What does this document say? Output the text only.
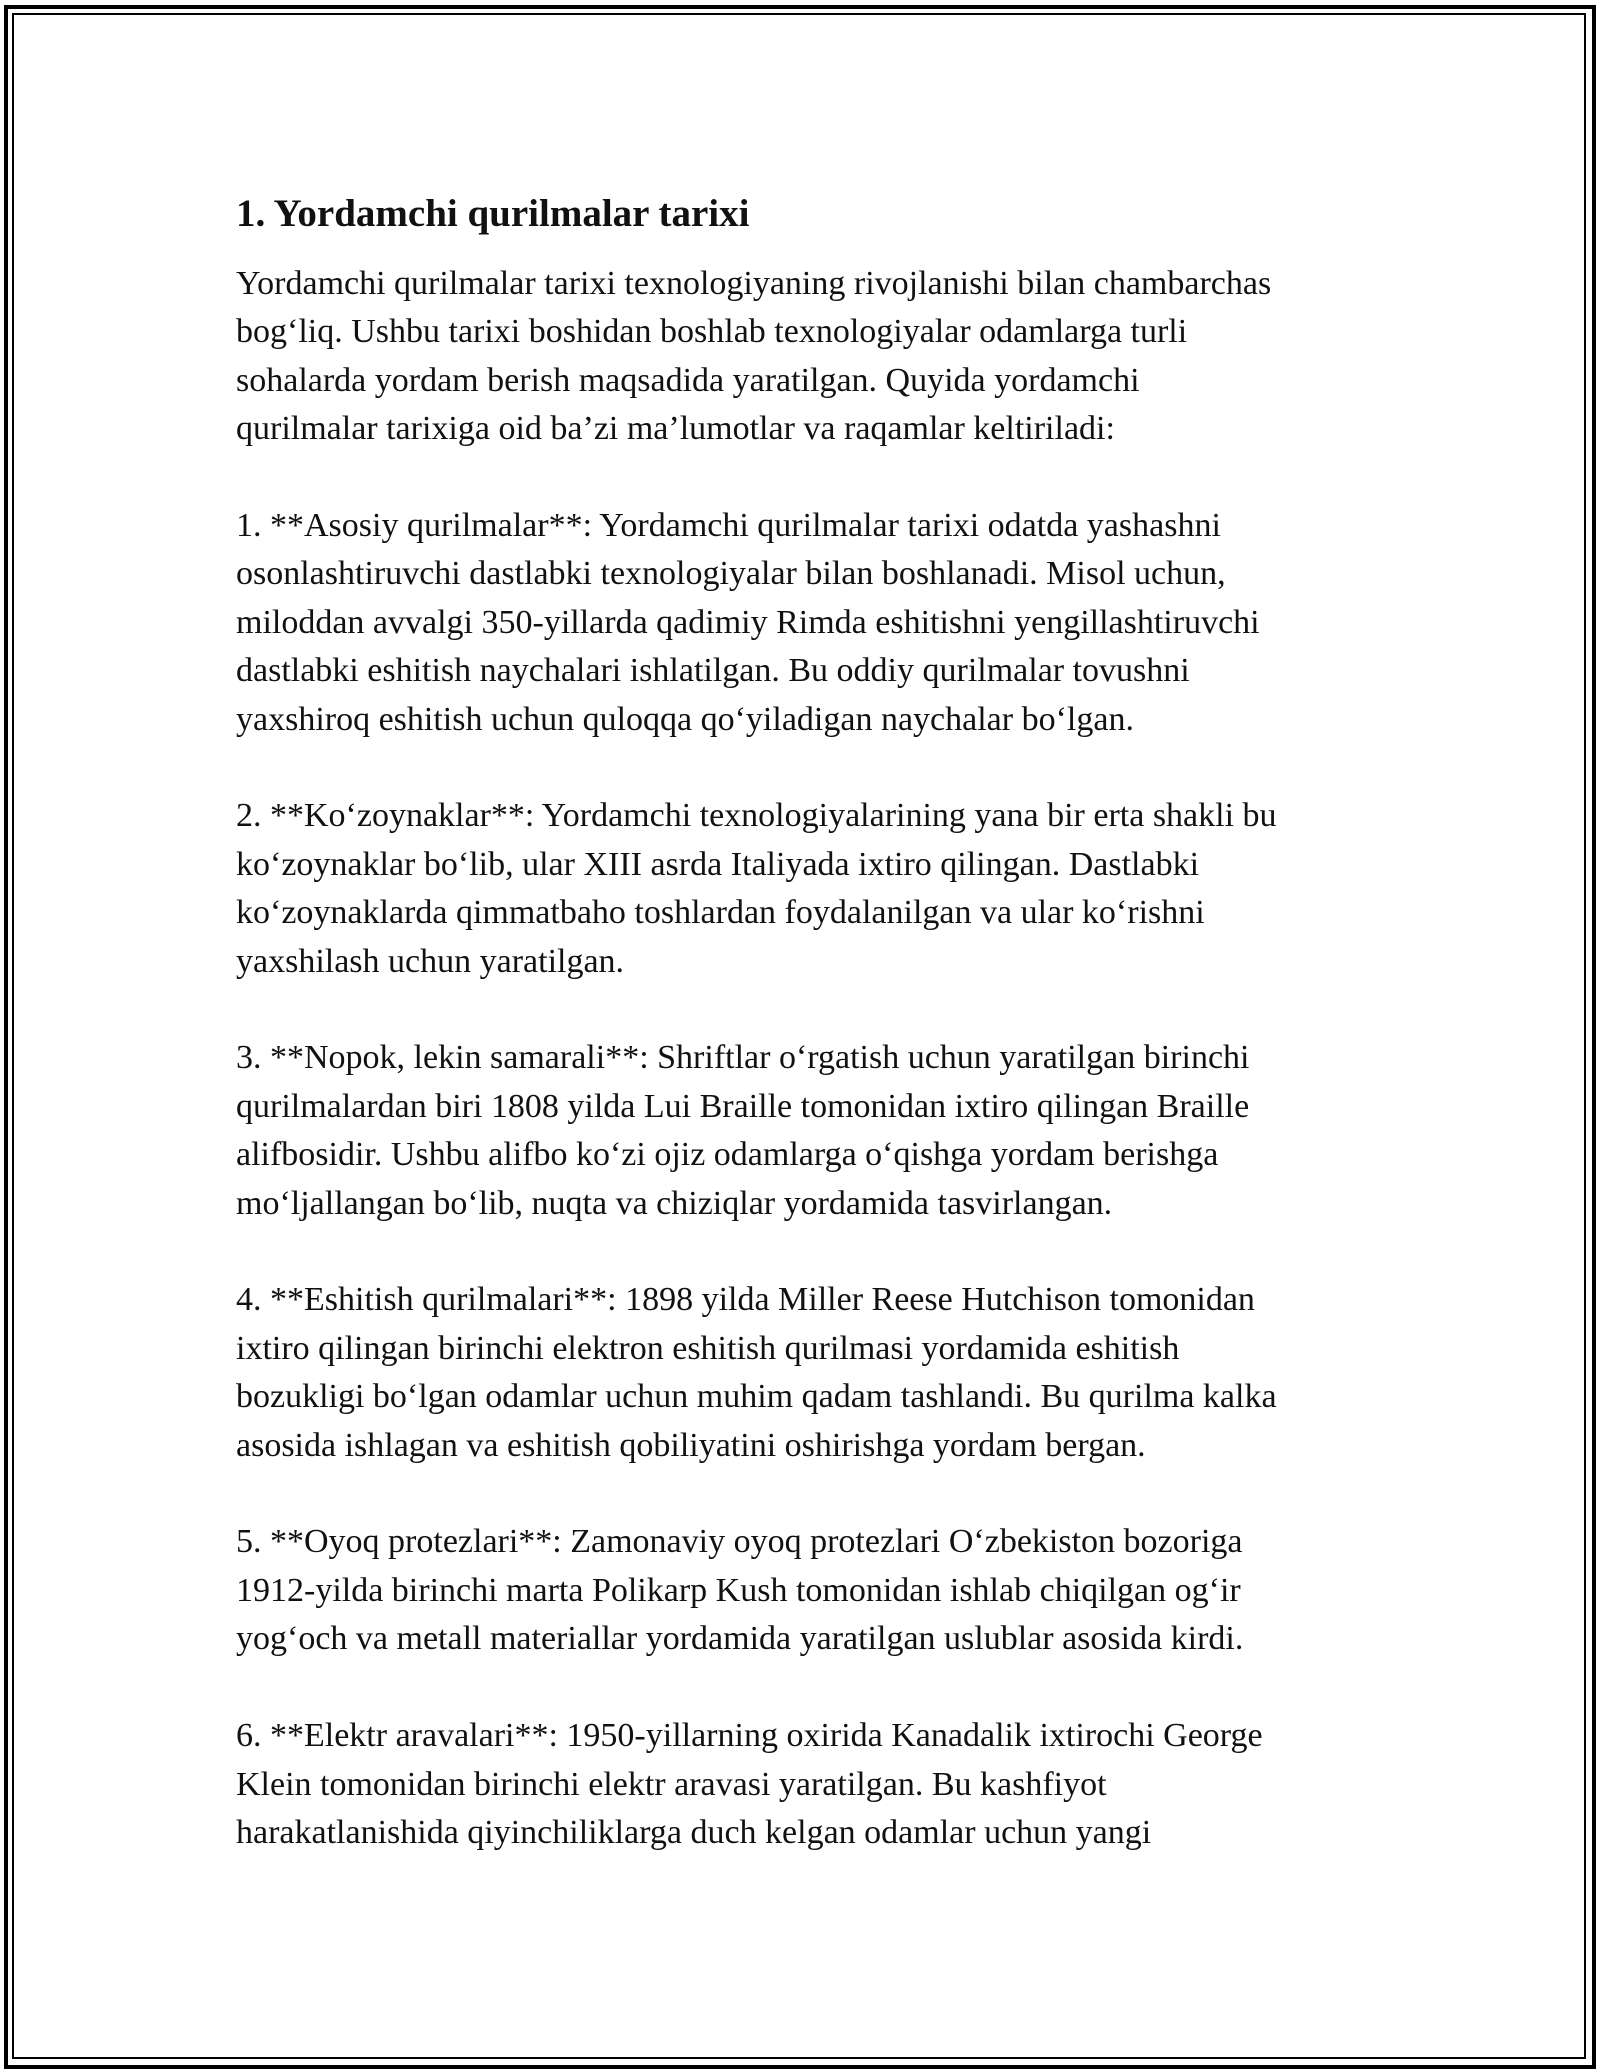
1. Yordamchi qurilmalar tarixi
Yordamchi qurilmalar tarixi texnologiyaning rivojlanishi bilan chambarchas
bog‘liq. Ushbu tarixi boshidan boshlab texnologiyalar odamlarga turli
sohalarda yordam berish maqsadida yaratilgan. Quyida yordamchi
qurilmalar tarixiga oid ba’zi ma’lumotlar va raqamlar keltiriladi:
1. **Asosiy qurilmalar**: Yordamchi qurilmalar tarixi odatda yashashni
osonlashtiruvchi dastlabki texnologiyalar bilan boshlanadi. Misol uchun,
miloddan avvalgi 350-yillarda qadimiy Rimda eshitishni yengillashtiruvchi
dastlabki eshitish naychalari ishlatilgan. Bu oddiy qurilmalar tovushni
yaxshiroq eshitish uchun quloqqa qo‘yiladigan naychalar bo‘lgan.
2. **Ko‘zoynaklar**: Yordamchi texnologiyalarining yana bir erta shakli bu
ko‘zoynaklar bo‘lib, ular XIII asrda Italiyada ixtiro qilingan. Dastlabki
ko‘zoynaklarda qimmatbaho toshlardan foydalanilgan va ular ko‘rishni
yaxshilash uchun yaratilgan.
3. **Nopok, lekin samarali**: Shriftlar o‘rgatish uchun yaratilgan birinchi
qurilmalardan biri 1808 yilda Lui Braille tomonidan ixtiro qilingan Braille
alifbosidir. Ushbu alifbo ko‘zi ojiz odamlarga o‘qishga yordam berishga
mo‘ljallangan bo‘lib, nuqta va chiziqlar yordamida tasvirlangan.
4. **Eshitish qurilmalari**: 1898 yilda Miller Reese Hutchison tomonidan
ixtiro qilingan birinchi elektron eshitish qurilmasi yordamida eshitish
bozukligi bo‘lgan odamlar uchun muhim qadam tashlandi. Bu qurilma kalka
asosida ishlagan va eshitish qobiliyatini oshirishga yordam bergan.
5. **Oyoq protezlari**: Zamonaviy oyoq protezlari O‘zbekiston bozoriga
1912-yilda birinchi marta Polikarp Kush tomonidan ishlab chiqilgan og‘ir
yog‘och va metall materiallar yordamida yaratilgan uslublar asosida kirdi.
6. **Elektr aravalari**: 1950-yillarning oxirida Kanadalik ixtirochi George
Klein tomonidan birinchi elektr aravasi yaratilgan. Bu kashfiyot
harakatlanishida qiyinchiliklarga duch kelgan odamlar uchun yangi
